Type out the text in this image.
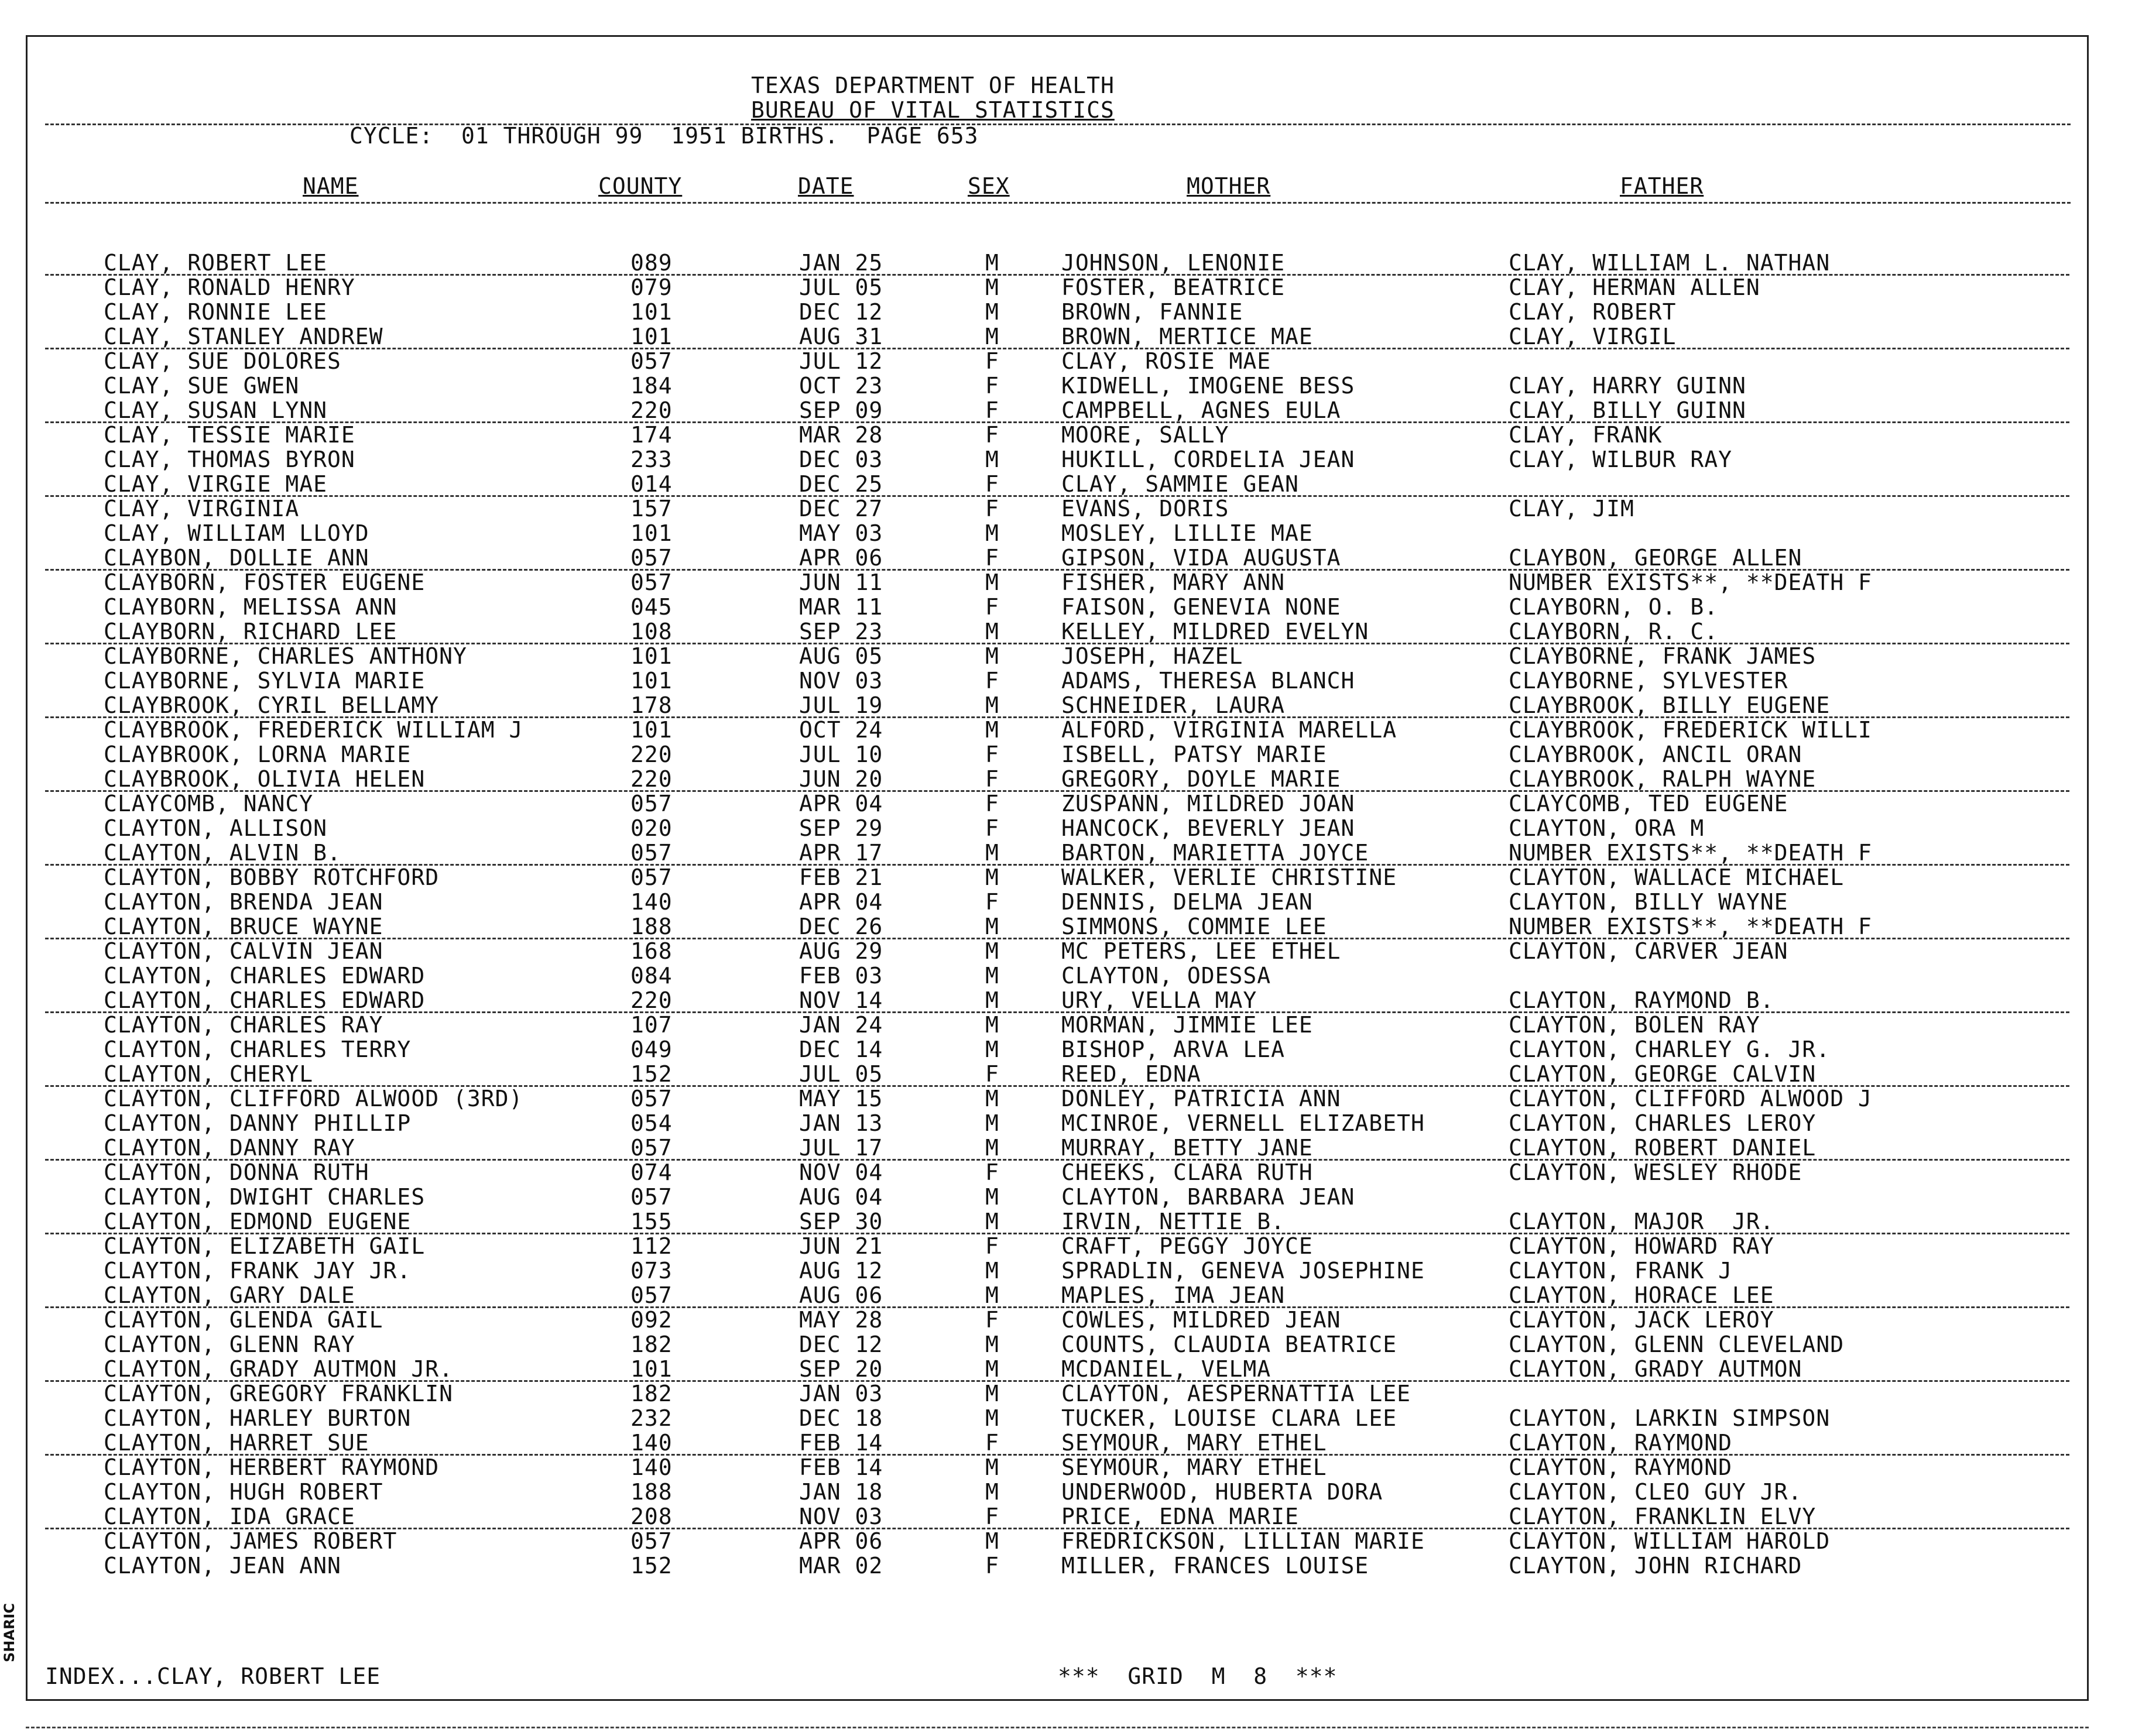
TEXAS DEPARTMENT OF HEALTH
BUREAU OF VITAL STATISTICS
CYCLE:  01 THROUGH 99  1951 BIRTHS.  PAGE 653
NAME	COUNTY	DATE	SEX	MOTHER	FATHER
CLAY, ROBERT LEE	089	JAN 25	M	JOHNSON, LENONIE	CLAY, WILLIAM L. NATHAN
CLAY, RONALD HENRY	079	JUL 05	M	FOSTER, BEATRICE	CLAY, HERMAN ALLEN
CLAY, RONNIE LEE	101	DEC 12	M	BROWN, FANNIE	CLAY, ROBERT
CLAY, STANLEY ANDREW	101	AUG 31	M	BROWN, MERTICE MAE	CLAY, VIRGIL
CLAY, SUE DOLORES	057	JUL 12	F	CLAY, ROSIE MAE
CLAY, SUE GWEN	184	OCT 23	F	KIDWELL, IMOGENE BESS	CLAY, HARRY GUINN
CLAY, SUSAN LYNN	220	SEP 09	F	CAMPBELL, AGNES EULA	CLAY, BILLY GUINN
CLAY, TESSIE MARIE	174	MAR 28	F	MOORE, SALLY	CLAY, FRANK
CLAY, THOMAS BYRON	233	DEC 03	M	HUKILL, CORDELIA JEAN	CLAY, WILBUR RAY
CLAY, VIRGIE MAE	014	DEC 25	F	CLAY, SAMMIE GEAN
CLAY, VIRGINIA	157	DEC 27	F	EVANS, DORIS	CLAY, JIM
CLAY, WILLIAM LLOYD	101	MAY 03	M	MOSLEY, LILLIE MAE
CLAYBON, DOLLIE ANN	057	APR 06	F	GIPSON, VIDA AUGUSTA	CLAYBON, GEORGE ALLEN
CLAYBORN, FOSTER EUGENE	057	JUN 11	M	FISHER, MARY ANN	NUMBER EXISTS**, **DEATH F
CLAYBORN, MELISSA ANN	045	MAR 11	F	FAISON, GENEVIA NONE	CLAYBORN, O. B.
CLAYBORN, RICHARD LEE	108	SEP 23	M	KELLEY, MILDRED EVELYN	CLAYBORN, R. C.
CLAYBORNE, CHARLES ANTHONY	101	AUG 05	M	JOSEPH, HAZEL	CLAYBORNE, FRANK JAMES
CLAYBORNE, SYLVIA MARIE	101	NOV 03	F	ADAMS, THERESA BLANCH	CLAYBORNE, SYLVESTER
CLAYBROOK, CYRIL BELLAMY	178	JUL 19	M	SCHNEIDER, LAURA	CLAYBROOK, BILLY EUGENE
CLAYBROOK, FREDERICK WILLIAM J	101	OCT 24	M	ALFORD, VIRGINIA MARELLA	CLAYBROOK, FREDERICK WILLI
CLAYBROOK, LORNA MARIE	220	JUL 10	F	ISBELL, PATSY MARIE	CLAYBROOK, ANCIL ORAN
CLAYBROOK, OLIVIA HELEN	220	JUN 20	F	GREGORY, DOYLE MARIE	CLAYBROOK, RALPH WAYNE
CLAYCOMB, NANCY	057	APR 04	F	ZUSPANN, MILDRED JOAN	CLAYCOMB, TED EUGENE
CLAYTON, ALLISON	020	SEP 29	F	HANCOCK, BEVERLY JEAN	CLAYTON, ORA M
CLAYTON, ALVIN B.	057	APR 17	M	BARTON, MARIETTA JOYCE	NUMBER EXISTS**, **DEATH F
CLAYTON, BOBBY ROTCHFORD	057	FEB 21	M	WALKER, VERLIE CHRISTINE	CLAYTON, WALLACE MICHAEL
CLAYTON, BRENDA JEAN	140	APR 04	F	DENNIS, DELMA JEAN	CLAYTON, BILLY WAYNE
CLAYTON, BRUCE WAYNE	188	DEC 26	M	SIMMONS, COMMIE LEE	NUMBER EXISTS**, **DEATH F
CLAYTON, CALVIN JEAN	168	AUG 29	M	MC PETERS, LEE ETHEL	CLAYTON, CARVER JEAN
CLAYTON, CHARLES EDWARD	084	FEB 03	M	CLAYTON, ODESSA
CLAYTON, CHARLES EDWARD	220	NOV 14	M	URY, VELLA MAY	CLAYTON, RAYMOND B.
CLAYTON, CHARLES RAY	107	JAN 24	M	MORMAN, JIMMIE LEE	CLAYTON, BOLEN RAY
CLAYTON, CHARLES TERRY	049	DEC 14	M	BISHOP, ARVA LEA	CLAYTON, CHARLEY G. JR.
CLAYTON, CHERYL	152	JUL 05	F	REED, EDNA	CLAYTON, GEORGE CALVIN
CLAYTON, CLIFFORD ALWOOD (3RD)	057	MAY 15	M	DONLEY, PATRICIA ANN	CLAYTON, CLIFFORD ALWOOD J
CLAYTON, DANNY PHILLIP	054	JAN 13	M	MCINROE, VERNELL ELIZABETH	CLAYTON, CHARLES LEROY
CLAYTON, DANNY RAY	057	JUL 17	M	MURRAY, BETTY JANE	CLAYTON, ROBERT DANIEL
CLAYTON, DONNA RUTH	074	NOV 04	F	CHEEKS, CLARA RUTH	CLAYTON, WESLEY RHODE
CLAYTON, DWIGHT CHARLES	057	AUG 04	M	CLAYTON, BARBARA JEAN
CLAYTON, EDMOND EUGENE	155	SEP 30	M	IRVIN, NETTIE B.	CLAYTON, MAJOR  JR.
CLAYTON, ELIZABETH GAIL	112	JUN 21	F	CRAFT, PEGGY JOYCE	CLAYTON, HOWARD RAY
CLAYTON, FRANK JAY JR.	073	AUG 12	M	SPRADLIN, GENEVA JOSEPHINE	CLAYTON, FRANK J
CLAYTON, GARY DALE	057	AUG 06	M	MAPLES, IMA JEAN	CLAYTON, HORACE LEE
CLAYTON, GLENDA GAIL	092	MAY 28	F	COWLES, MILDRED JEAN	CLAYTON, JACK LEROY
CLAYTON, GLENN RAY	182	DEC 12	M	COUNTS, CLAUDIA BEATRICE	CLAYTON, GLENN CLEVELAND
CLAYTON, GRADY AUTMON JR.	101	SEP 20	M	MCDANIEL, VELMA	CLAYTON, GRADY AUTMON
CLAYTON, GREGORY FRANKLIN	182	JAN 03	M	CLAYTON, AESPERNATTIA LEE
CLAYTON, HARLEY BURTON	232	DEC 18	M	TUCKER, LOUISE CLARA LEE	CLAYTON, LARKIN SIMPSON
CLAYTON, HARRET SUE	140	FEB 14	F	SEYMOUR, MARY ETHEL	CLAYTON, RAYMOND
CLAYTON, HERBERT RAYMOND	140	FEB 14	M	SEYMOUR, MARY ETHEL	CLAYTON, RAYMOND
CLAYTON, HUGH ROBERT	188	JAN 18	M	UNDERWOOD, HUBERTA DORA	CLAYTON, CLEO GUY JR.
CLAYTON, IDA GRACE	208	NOV 03	F	PRICE, EDNA MARIE	CLAYTON, FRANKLIN ELVY
CLAYTON, JAMES ROBERT	057	APR 06	M	FREDRICKSON, LILLIAN MARIE	CLAYTON, WILLIAM HAROLD
CLAYTON, JEAN ANN	152	MAR 02	F	MILLER, FRANCES LOUISE	CLAYTON, JOHN RICHARD
INDEX...CLAY, ROBERT LEE	***  GRID  M  8  ***
SHARIC
